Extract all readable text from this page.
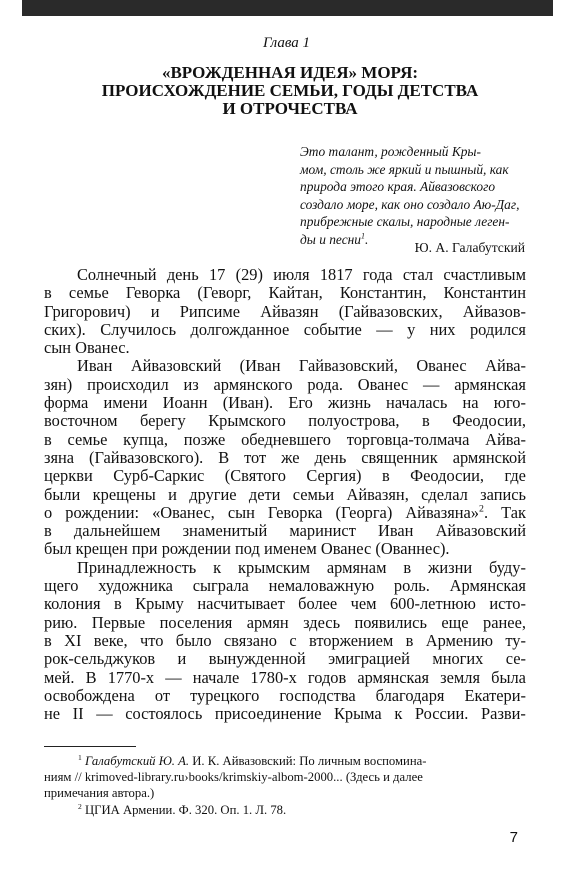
Глава 1
«ВРОЖДЕННАЯ ИДЕЯ» МОРЯ:
ПРОИСХОЖДЕНИЕ СЕМЬИ, ГОДЫ ДЕТСТВА
И ОТРОЧЕСТВА
Это талант, рожденный Кры-
мом, столь же яркий и пышный, как
природа этого края. Айвазовского
создало море, как оно создало Аю-Даг,
прибрежные скалы, народные леген-
ды и песни$^1$.
Ю. А. Галабутский
Солнечный день 17 (29) июля 1817 года стал счастливым
в семье Геворка (Геворг, Кайтан, Константин, Константин
Григорович) и Рипсиме Айвазян (Гайвазовских, Айвазов-
ских). Случилось долгожданное событие — у них родился
сын Ованес.
Иван Айвазовский (Иван Гайвазовский, Ованес Айва-
зян) происходил из армянского рода. Ованес — армянская
форма имени Иоанн (Иван). Его жизнь началась на юго-
восточном берегу Крымского полуострова, в Феодосии,
в семье купца, позже обедневшего торговца-толмача Айва-
зяна (Гайвазовского). В тот же день священник армянской
церкви Сурб-Саркис (Святого Сергия) в Феодосии, где
были крещены и другие дети семьи Айвазян, сделал запись
о рождении: «Ованес, сын Геворка (Георга) Айвазяна»$^2$. Так
в дальнейшем знаменитый маринист Иван Айвазовский
был крещен при рождении под именем Ованес (Ованнес).
Принадлежность к крымским армянам в жизни буду-
щего художника сыграла немаловажную роль. Армянская
колония в Крыму насчитывает более чем 600-летнюю исто-
рию. Первые поселения армян здесь появились еще ранее,
в XI веке, что было связано с вторжением в Армению ту-
рок-сельджуков и вынужденной эмиграцией многих се-
мей. В 1770-х — начале 1780-х годов армянская земля была
освобождена от турецкого господства благодаря Екатери-
не II — состоялось присоединение Крыма к России. Разви-
$^1$ Галабутский Ю. А. И. К. Айвазовский: По личным воспомина-
ниям // krimoved-library.ru›books/krimskiy-albom-2000... (Здесь и далее
примечания автора.)
$^2$ ЦГИА Армении. Ф. 320. Оп. 1. Л. 78.
7
